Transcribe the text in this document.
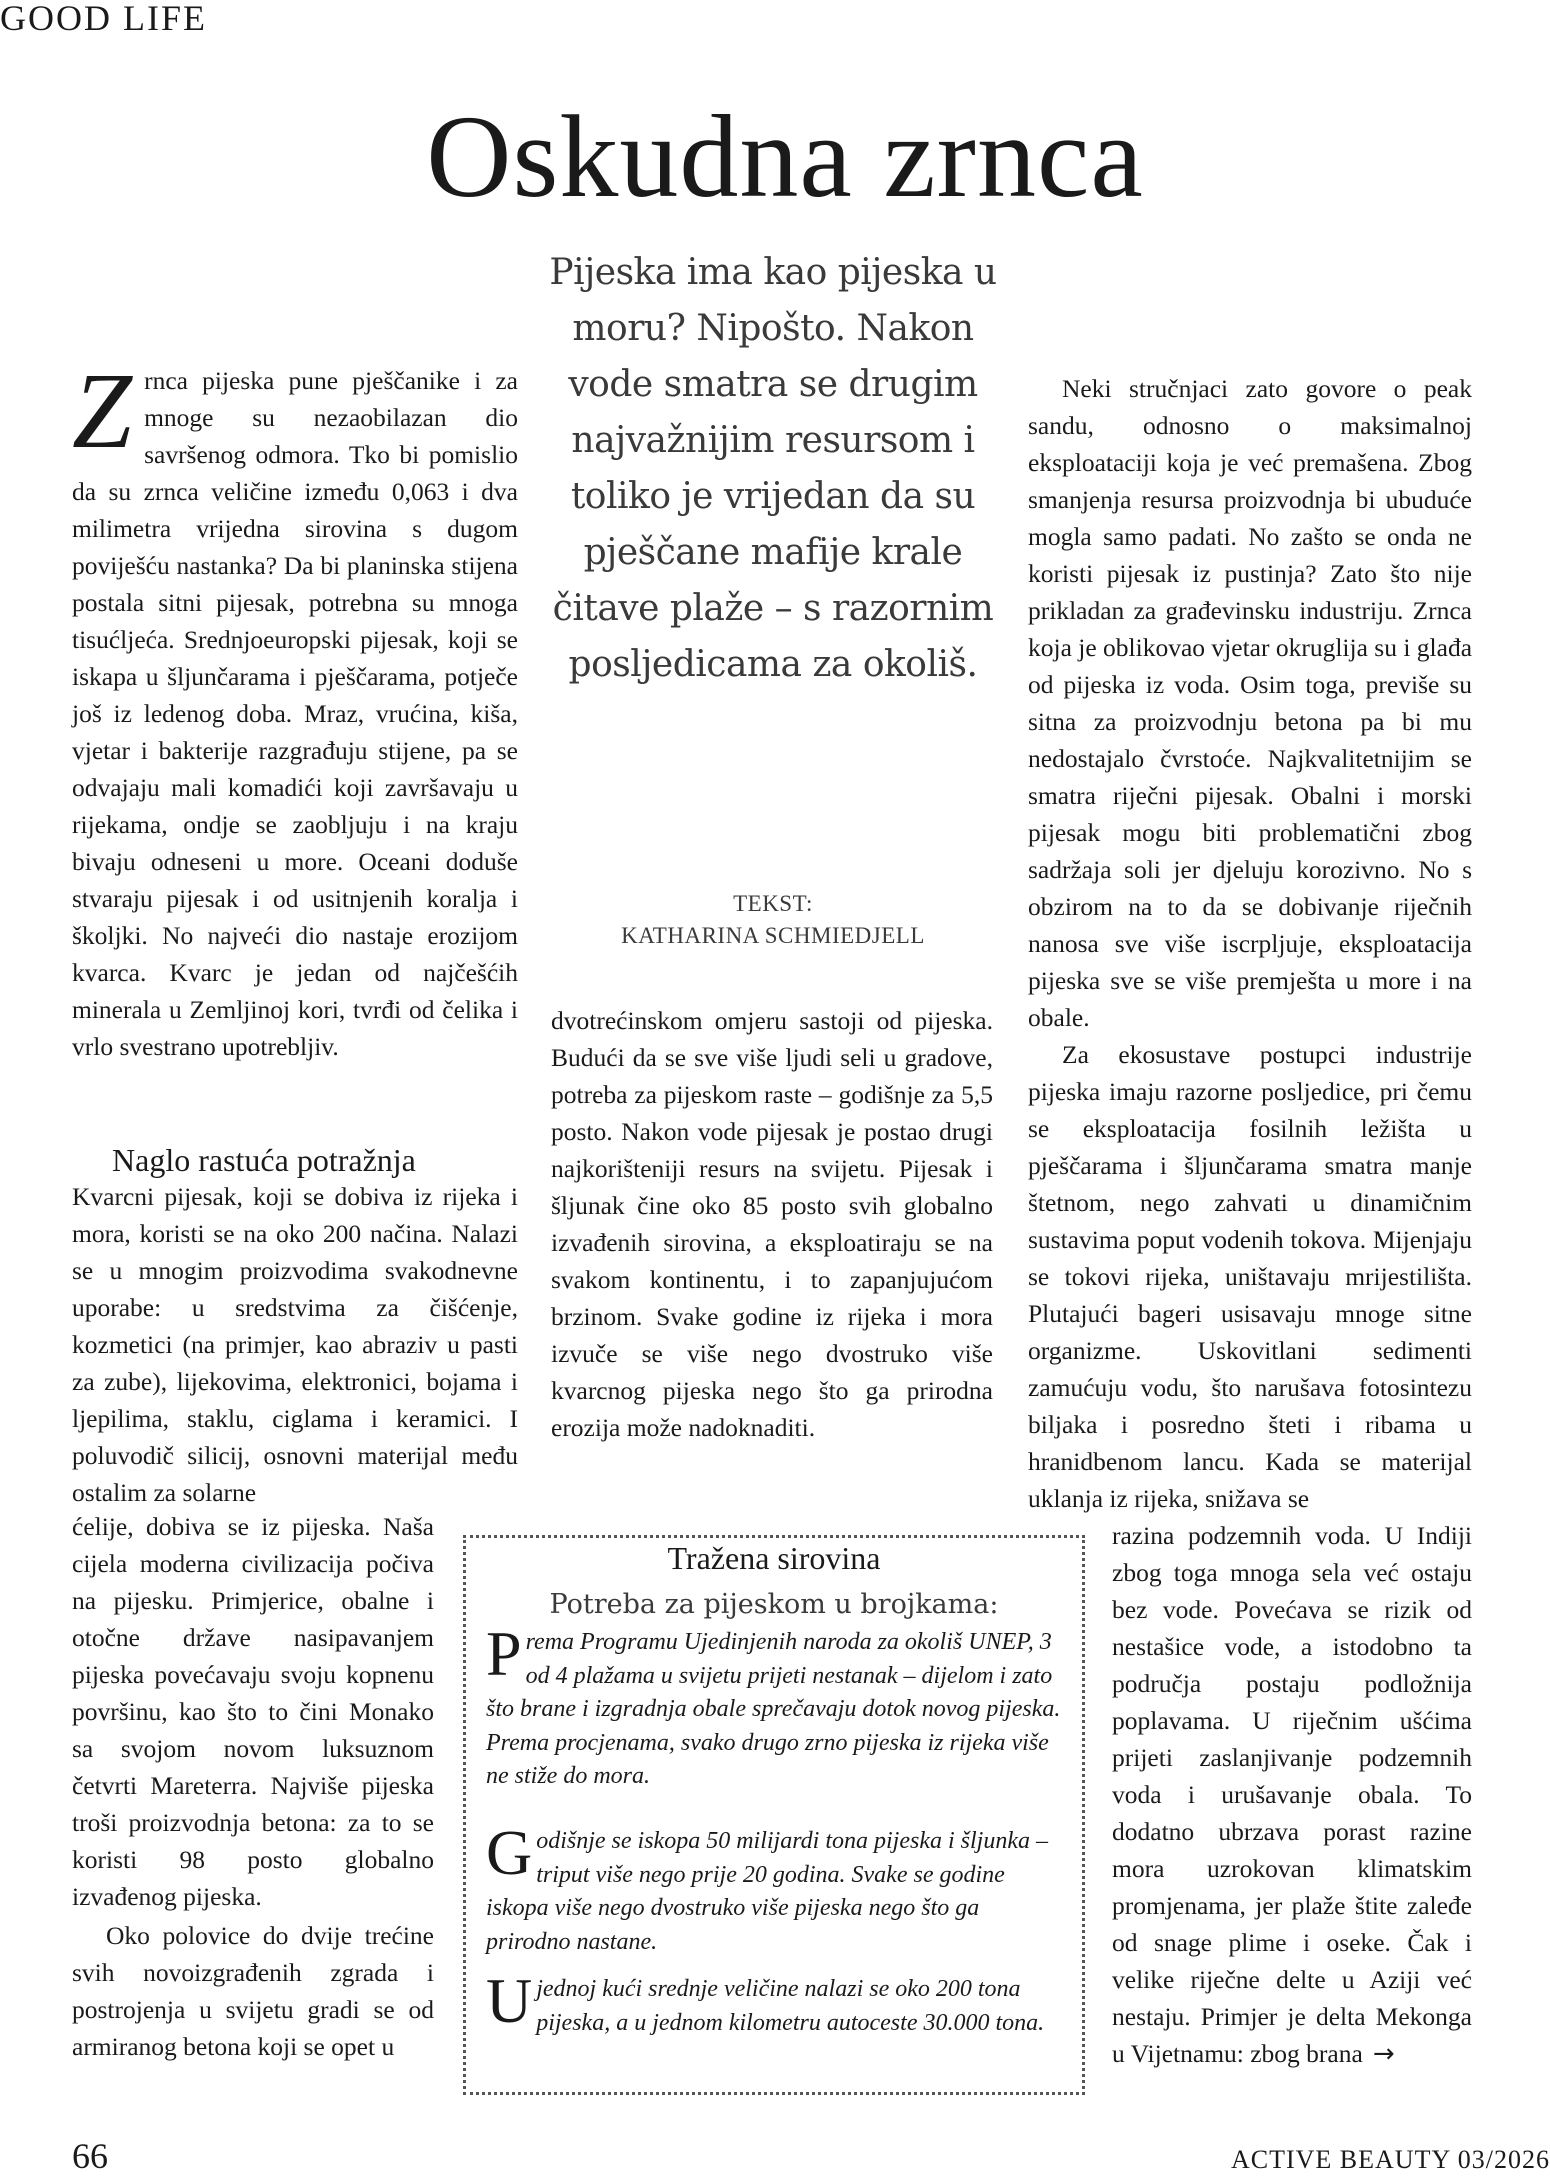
GOOD LIFE
Oskudna zrnca

Zrnca pijeska pune pješčanike i za mnoge su nezaobilazan dio savršenog odmora. Tko bi pomislio da su zrnca veličine između 0,063 i dva milimetra vrijedna sirovina s dugom poviješću nastanka? Da bi planinska stijena postala sitni pijesak, potrebna su mnoga tisućljeća. Srednjoeuropski pijesak, koji se iskapa u šljunčarama i pješčarama, potječe još iz ledenog doba. Mraz, vrućina, kiša, vjetar i bakterije razgrađuju stijene, pa se odvajaju mali komadići koji završavaju u rijekama, ondje se zaobljuju i na kraju bivaju odneseni u more. Oceani doduše stvaraju pijesak i od usitnjenih koralja i školjki. No najveći dio nastaje erozijom kvarca. Kvarc je jedan od najčešćih minerala u Zemljinoj kori, tvrđi od čelika i vrlo svestrano upotrebljiv.

Naglo rastuća potražnja

Kvarcni pijesak, koji se dobiva iz rijeka i mora, koristi se na oko 200 načina. Nalazi se u mnogim proizvodima svakodnevne uporabe: u sredstvima za čišćenje, kozmetici (na primjer, kao abraziv u pasti za zube), lijekovima, elektronici, bojama i ljepilima, staklu, ciglama i keramici. I poluvodič silicij, osnovni materijal među ostalim za solarne

ćelije, dobiva se iz pijeska. Naša cijela moderna civilizacija počiva na pijesku. Primjerice, obalne i otočne države nasipavanjem pijeska povećavaju svoju kopnenu površinu, kao što to čini Monako sa svojom novom luksuznom četvrti Mareterra. Najviše pijeska troši proizvodnja betona: za to se koristi 98 posto globalno izvađenog pijeska.

Oko polovice do dvije trećine svih novoizgrađenih zgrada i postrojenja u svijetu gradi se od armiranog betona koji se opet u

Pijeska ima kao pijeska u moru? Nipošto. Nakon vode smatra se drugim najvažnijim resursom i toliko je vrijedan da su pješčane mafije krale čitave plaže – s razornim posljedicama za okoliš.
TEKST:
KATHARINA SCHMIEDJELL

dvotrećinskom omjeru sastoji od pijeska. Budući da se sve više ljudi seli u gradove, potreba za pijeskom raste – godišnje za 5,5 posto. Nakon vode pijesak je postao drugi najkorišteniji resurs na svijetu. Pijesak i šljunak čine oko 85 posto svih globalno izvađenih sirovina, a eksploatiraju se na svakom kontinentu, i to zapanjujućom brzinom. Svake godine iz rijeka i mora izvuče se više nego dvostruko više kvarcnog pijeska nego što ga prirodna erozija može nadoknaditi.

Neki stručnjaci zato govore o peak sandu, odnosno o maksimalnoj eksploataciji koja je već premašena. Zbog smanjenja resursa proizvodnja bi ubuduće mogla samo padati. No zašto se onda ne koristi pijesak iz pustinja? Zato što nije prikladan za građevinsku industriju. Zrnca koja je oblikovao vjetar okruglija su i glađa od pijeska iz voda. Osim toga, previše su sitna za proizvodnju betona pa bi mu nedostajalo čvrstoće. Najkvalitetnijim se smatra riječni pijesak. Obalni i morski pijesak mogu biti problematični zbog sadržaja soli jer djeluju korozivno. No s obzirom na to da se dobivanje riječnih nanosa sve više iscrpljuje, eksploatacija pijeska sve se više premješta u more i na obale.

Za ekosustave postupci industrije pijeska imaju razorne posljedice, pri čemu se eksploatacija fosilnih ležišta u pješčarama i šljunčarama smatra manje štetnom, nego zahvati u dinamičnim sustavima poput vodenih tokova. Mijenjaju se tokovi rijeka, uništavaju mrijestilišta. Plutajući bageri usisavaju mnoge sitne organizme. Uskovitlani sedimenti zamućuju vodu, što narušava fotosintezu biljaka i posredno šteti i ribama u hranidbenom lancu. Kada se materijal uklanja iz rijeka, snižava se

razina podzemnih voda. U Indiji zbog toga mnoga sela već ostaju bez vode. Povećava se rizik od nestašice vode, a istodobno ta područja postaju podložnija poplavama. U riječnim ušćima prijeti zaslanjivanje podzemnih voda i urušavanje obala. To dodatno ubrzava porast razine mora uzrokovan klimatskim promjenama, jer plaže štite zaleđe od snage plime i oseke. Čak i velike riječne delte u Aziji već nestaju. Primjer je delta Mekonga u Vijetnamu: zbog brana →

Tražena sirovina
Potreba za pijeskom u brojkama:
Prema Programu Ujedinjenih naroda za okoliš UNEP, 3 od 4 plažama u svijetu prijeti nestanak – dijelom i zato što brane i izgradnja obale sprečavaju dotok novog pijeska. Prema procjenama, svako drugo zrno pijeska iz rijeka više ne stiže do mora.
Godišnje se iskopa 50 milijardi tona pijeska i šljunka – triput više nego prije 20 godina. Svake se godine iskopa više nego dvostruko više pijeska nego što ga prirodno nastane.
Ujednoj kući srednje veličine nalazi se oko 200 tona pijeska, a u jednom kilometru autoceste 30.000 tona.
66	ACTIVE BEAUTY 03/2026
